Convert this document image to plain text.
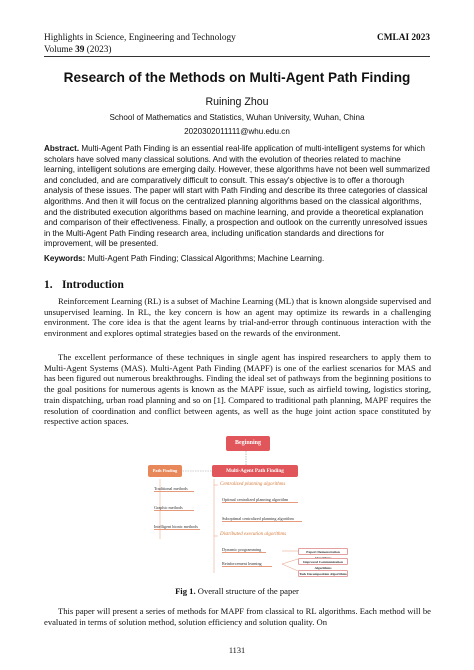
Highlights in Science, Engineering and Technology	CMLAI 2023
Volume 39 (2023)
Research of the Methods on Multi-Agent Path Finding
Ruining Zhou
School of Mathematics and Statistics, Wuhan University, Wuhan, China
2020302011111@whu.edu.cn
Abstract. Multi-Agent Path Finding is an essential real-life application of multi-intelligent systems for which scholars have solved many classical solutions. And with the evolution of theories related to machine learning, intelligent solutions are emerging daily. However, these algorithms have not been well summarized and concluded, and are comparatively difficult to consult. This essay's objective is to offer a thorough analysis of these issues. The paper will start with Path Finding and describe its three categories of classical algorithms. And then it will focus on the centralized planning algorithms based on the classical algorithms, and the distributed execution algorithms based on machine learning, and provide a theoretical explanation and comparison of their effectiveness. Finally, a prospection and outlook on the currently unresolved issues in the Multi-Agent Path Finding research area, including unification standards and directions for improvement, will be presented.
Keywords: Multi-Agent Path Finding; Classical Algorithms; Machine Learning.
1. Introduction
Reinforcement Learning (RL) is a subset of Machine Learning (ML) that is known alongside supervised and unsupervised learning. In RL, the key concern is how an agent may optimize its rewards in a challenging environment. The core idea is that the agent learns by trial-and-error through continuous interaction with the environment and explores optimal strategies based on the rewards of the environment.
The excellent performance of these techniques in single agent has inspired researchers to apply them to Multi-Agent Systems (MAS). Multi-Agent Path Finding (MAPF) is one of the earliest scenarios for MAS and has been figured out numerous breakthroughs. Finding the ideal set of pathways from the beginning positions to the goal positions for numerous agents is known as the MAPF issue, such as airfield towing, logistics storing, train dispatching, urban road planning and so on [1]. Compared to traditional path planning, MAPF requires the resolution of coordination and conflict between agents, as well as the huge joint action space constituted by respective action spaces.
Beginning
Path Finding	Multi-Agent Path Finding
Traditional methods
Graphic methods
Intelligent bionic methods
Centralized planning algorithms
Optimal centralized planning algorithm
Suboptimal centralized planning algorithm
Distributed execution algorithms
Dynamic programming
Reinforcement learning
Expert Demonstration
Improved Communication Algorithms
Task Decomposition Algorithms
Fig 1. Overall structure of the paper
This paper will present a series of methods for MAPF from classical to RL algorithms. Each method will be evaluated in terms of solution method, solution efficiency and solution quality. On
1131
